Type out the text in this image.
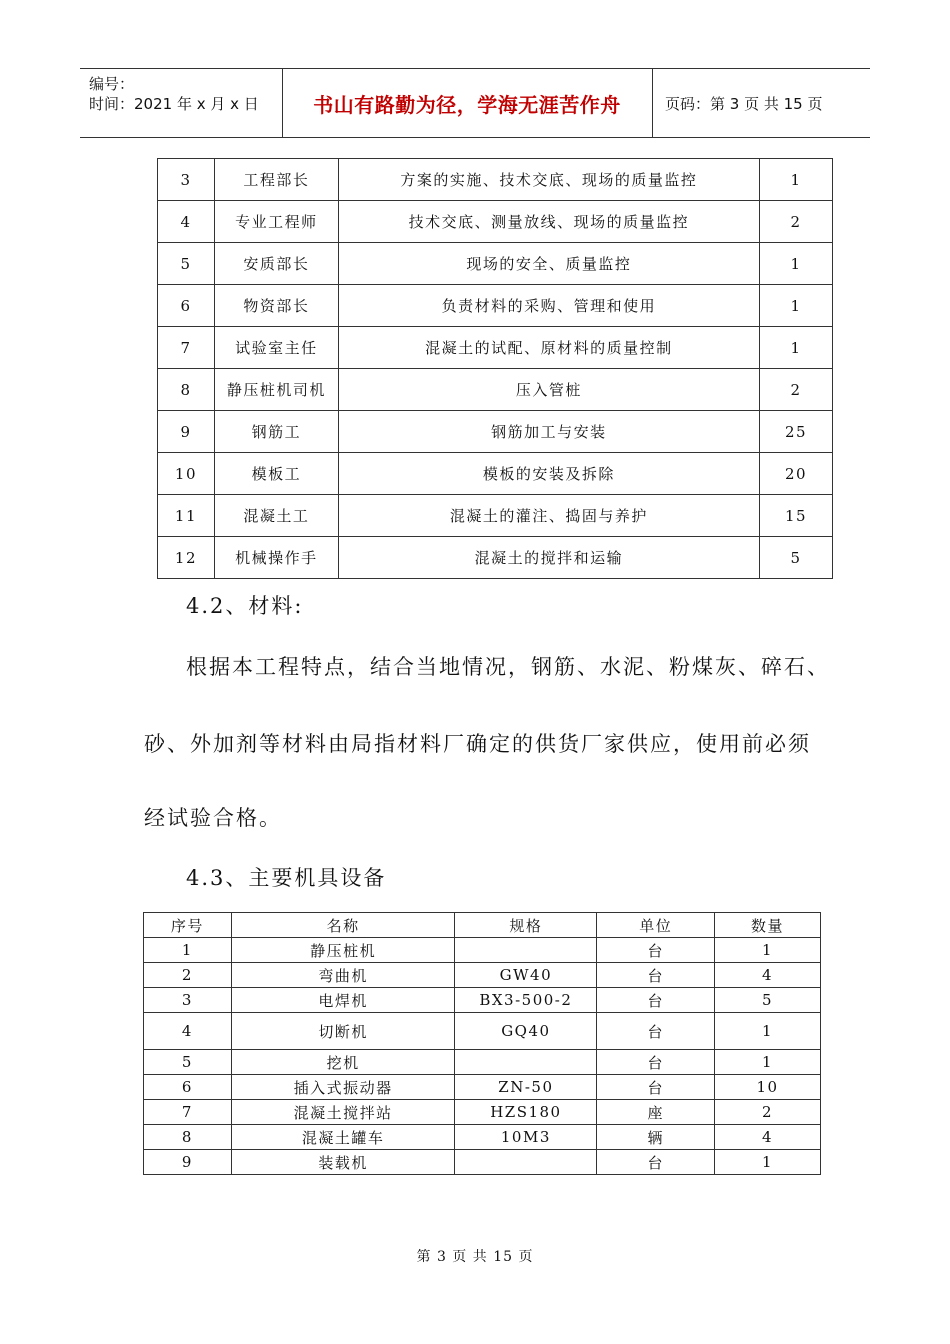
编号：
时间：2021 年 x 月 x 日	书山有路勤为径，学海无涯苦作舟	页码：第 3 页 共 15 页
3	工程部长	方案的实施、技术交底、现场的质量监控	1
4	专业工程师	技术交底、测量放线、现场的质量监控	2
5	安质部长	现场的安全、质量监控	1
6	物资部长	负责材料的采购、管理和使用	1
7	试验室主任	混凝土的试配、原材料的质量控制	1
8	静压桩机司机	压入管桩	2
9	钢筋工	钢筋加工与安装	25
10	模板工	模板的安装及拆除	20
11	混凝土工	混凝土的灌注、捣固与养护	15
12	机械操作手	混凝土的搅拌和运输	5
4.2、材料:
根据本工程特点，结合当地情况，钢筋、水泥、粉煤灰、碎石、
砂、外加剂等材料由局指材料厂确定的供货厂家供应，使用前必须
经试验合格。
4.3、主要机具设备
序号	名称	规格	单位	数量
1	静压桩机		台	1
2	弯曲机	GW40	台	4
3	电焊机	BX3-500-2	台	5
4	切断机	GQ40	台	1
5	挖机		台	1
6	插入式振动器	ZN-50	台	10
7	混凝土搅拌站	HZS180	座	2
8	混凝土罐车	10M3	辆	4
9	装载机		台	1
第 3 页 共 15 页
